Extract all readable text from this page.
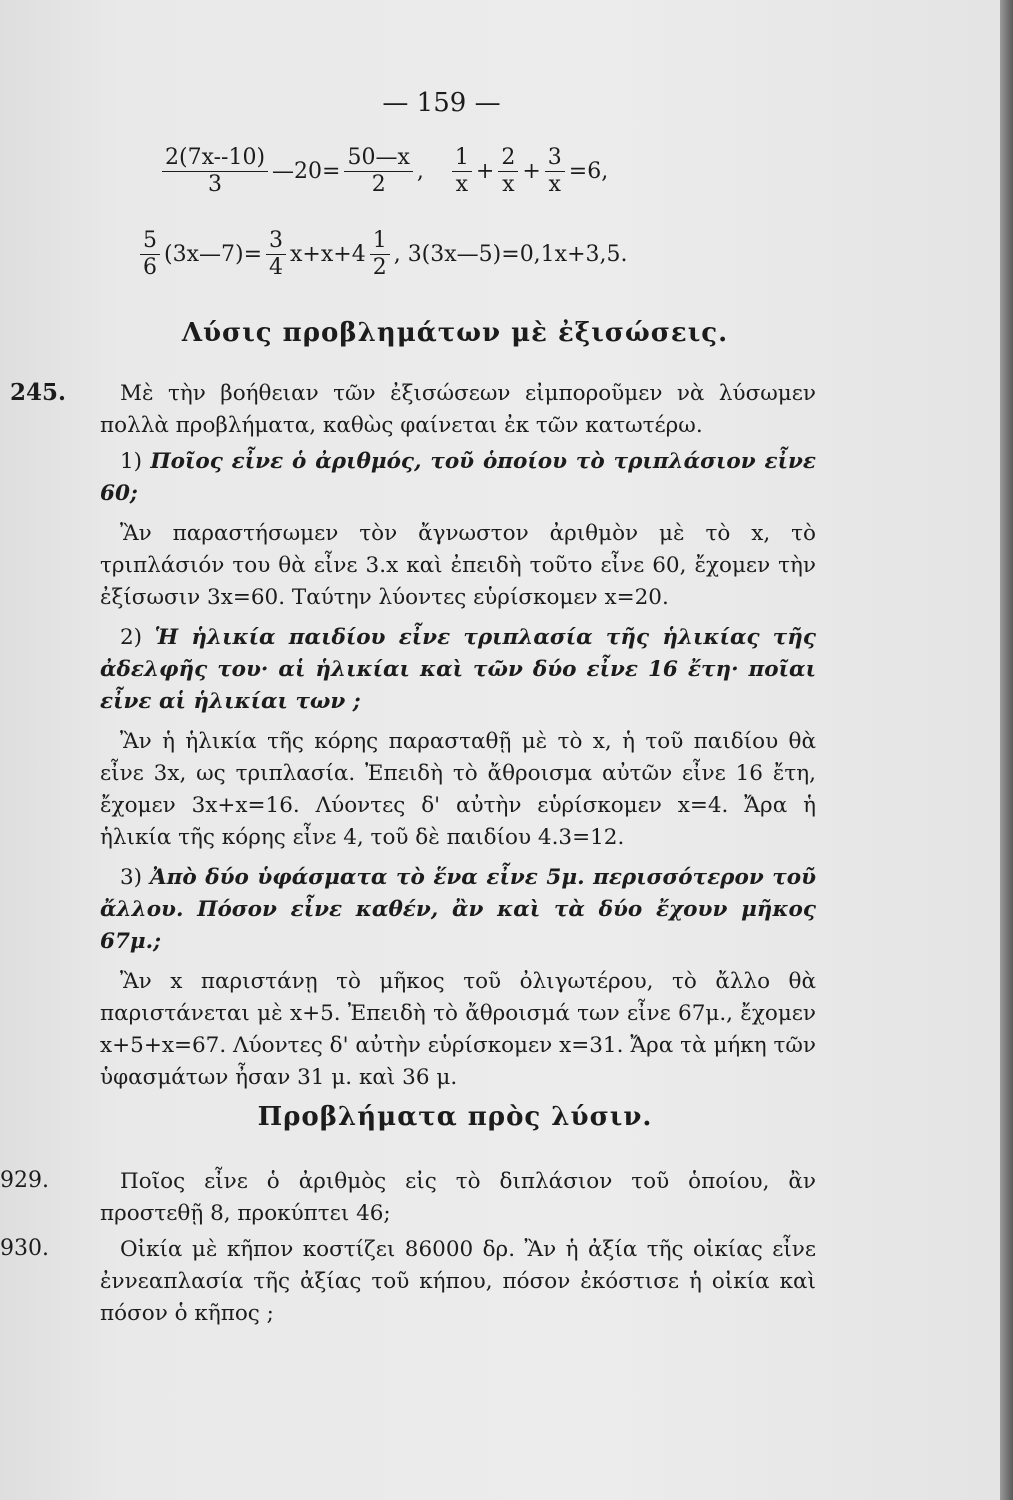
— 159 —
$\frac{2(7x--10)}{3}$ —20= $\frac{50—x}{2}$ , $\frac{1}{x} + \frac{2}{x} + \frac{3}{x} =6$,
$\frac{5}{6}$ (3x—7)= $\frac{3}{4} x+x+4 \frac{1}{2}$ , 3(3x—5)=0,1x+3,5.
Λύσις προβλημάτων μὲ ἐξισώσεις.
245.	Μὲ τὴν βοήθειαν τῶν ἐξισώσεων εἰμποροῦμεν νὰ λύσωμεν πολλὰ προβλήματα, καθὼς φαίνεται ἐκ τῶν κατωτέρω.

1) Ποῖος εἶνε ὁ ἀριθμός, τοῦ ὁποίου τὸ τριπλάσιον εἶνε 60;

Ἂν παραστήσωμεν τὸν ἄγνωστον ἀριθμὸν μὲ τὸ x, τὸ τριπλάσιόν του θὰ εἶνε 3.x καὶ ἐπειδὴ τοῦτο εἶνε 60, ἔχομεν τὴν ἐξίσωσιν 3x=60. Ταύτην λύοντες εὑρίσκομεν x=20.

2) Ἡ ἡλικία παιδίου εἶνε τριπλασία τῆς ἡλικίας τῆς ἀδελφῆς του· αἱ ἡλικίαι καὶ τῶν δύο εἶνε 16 ἔτη· ποῖαι εἶνε αἱ ἡλικίαι των ;

Ἂν ἡ ἡλικία τῆς κόρης παρασταθῇ μὲ τὸ x, ἡ τοῦ παιδίου θὰ εἶνε 3x, ως τριπλασία. Ἐπειδὴ τὸ ἄθροισμα αὐτῶν εἶνε 16 ἔτη, ἔχομεν 3x+x=16. Λύοντες δ' αὐτὴν εὑρίσκομεν x=4. Ἄρα ἡ ἡλικία τῆς κόρης εἶνε 4, τοῦ δὲ παιδίου 4.3=12.

3) Ἀπὸ δύο ὑφάσματα τὸ ἕνα εἶνε 5μ. περισσότερον τοῦ ἄλλου. Πόσον εἶνε καθέν, ἂν καὶ τὰ δύο ἔχουν μῆκος 67μ.;

Ἂν x παριστάνῃ τὸ μῆκος τοῦ ὀλιγωτέρου, τὸ ἄλλο θὰ παριστάνεται μὲ x+5. Ἐπειδὴ τὸ ἄθροισμά των εἶνε 67μ., ἔχομεν x+5+x=67. Λύοντες δ' αὐτὴν εὑρίσκομεν x=31. Ἄρα τὰ μήκη τῶν ὑφασμάτων ἦσαν 31 μ. καὶ 36 μ.

Προβλήματα πρὸς λύσιν.
929.	Ποῖος εἶνε ὁ ἀριθμὸς εἰς τὸ διπλάσιον τοῦ ὁποίου, ἂν προστεθῇ 8, προκύπτει 46;

930.	Οἰκία μὲ κῆπον κοστίζει 86000 δρ. Ἂν ἡ ἀξία τῆς οἰκίας εἶνε ἐννεαπλασία τῆς ἀξίας τοῦ κήπου, πόσον ἐκόστισε ἡ οἰκία καὶ πόσον ὁ κῆπος ;
